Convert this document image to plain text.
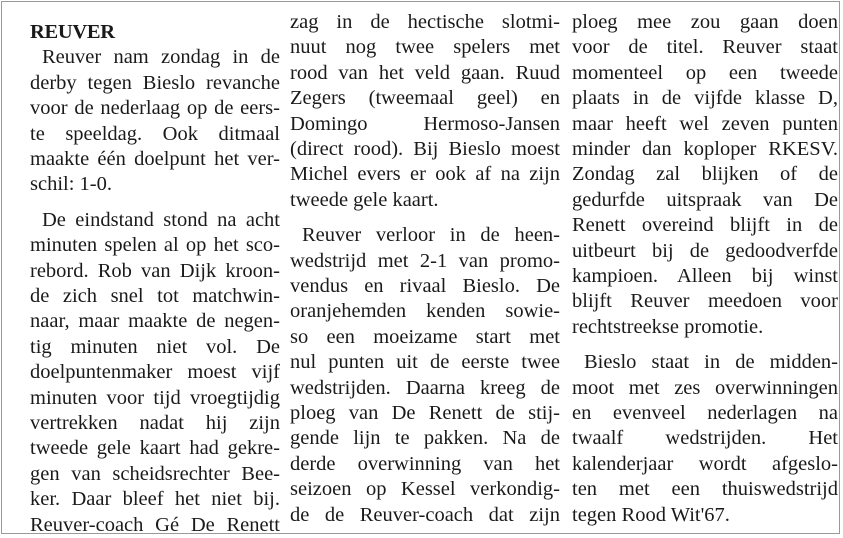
REUVER
Reuver nam zondag in de
derby tegen Bieslo revanche
voor de nederlaag op de eers-
te speeldag. Ook ditmaal
maakte één doelpunt het ver-
schil: 1-0.
De eindstand stond na acht
minuten spelen al op het sco-
rebord. Rob van Dijk kroon-
de zich snel tot matchwin-
naar, maar maakte de negen-
tig minuten niet vol. De
doelpuntenmaker moest vijf
minuten voor tijd vroegtijdig
vertrekken nadat hij zijn
tweede gele kaart had gekre-
gen van scheidsrechter Bee-
ker. Daar bleef het niet bij.
Reuver-coach Gé De Renett
zag in de hectische slotmi-
nuut nog twee spelers met
rood van het veld gaan. Ruud
Zegers (tweemaal geel) en
Domingo Hermoso-Jansen
(direct rood). Bij Bieslo moest
Michel evers er ook af na zijn
tweede gele kaart.
Reuver verloor in de heen-
wedstrijd met 2-1 van promo-
vendus en rivaal Bieslo. De
oranjehemden kenden sowie-
so een moeizame start met
nul punten uit de eerste twee
wedstrijden. Daarna kreeg de
ploeg van De Renett de stij-
gende lijn te pakken. Na de
derde overwinning van het
seizoen op Kessel verkondig-
de de Reuver-coach dat zijn
ploeg mee zou gaan doen
voor de titel. Reuver staat
momenteel op een tweede
plaats in de vijfde klasse D,
maar heeft wel zeven punten
minder dan koploper RKESV.
Zondag zal blijken of de
gedurfde uitspraak van De
Renett overeind blijft in de
uitbeurt bij de gedoodverfde
kampioen. Alleen bij winst
blijft Reuver meedoen voor
rechtstreekse promotie.
Bieslo staat in de midden-
moot met zes overwinningen
en evenveel nederlagen na
twaalf wedstrijden. Het
kalenderjaar wordt afgeslo-
ten met een thuiswedstrijd
tegen Rood Wit'67.
